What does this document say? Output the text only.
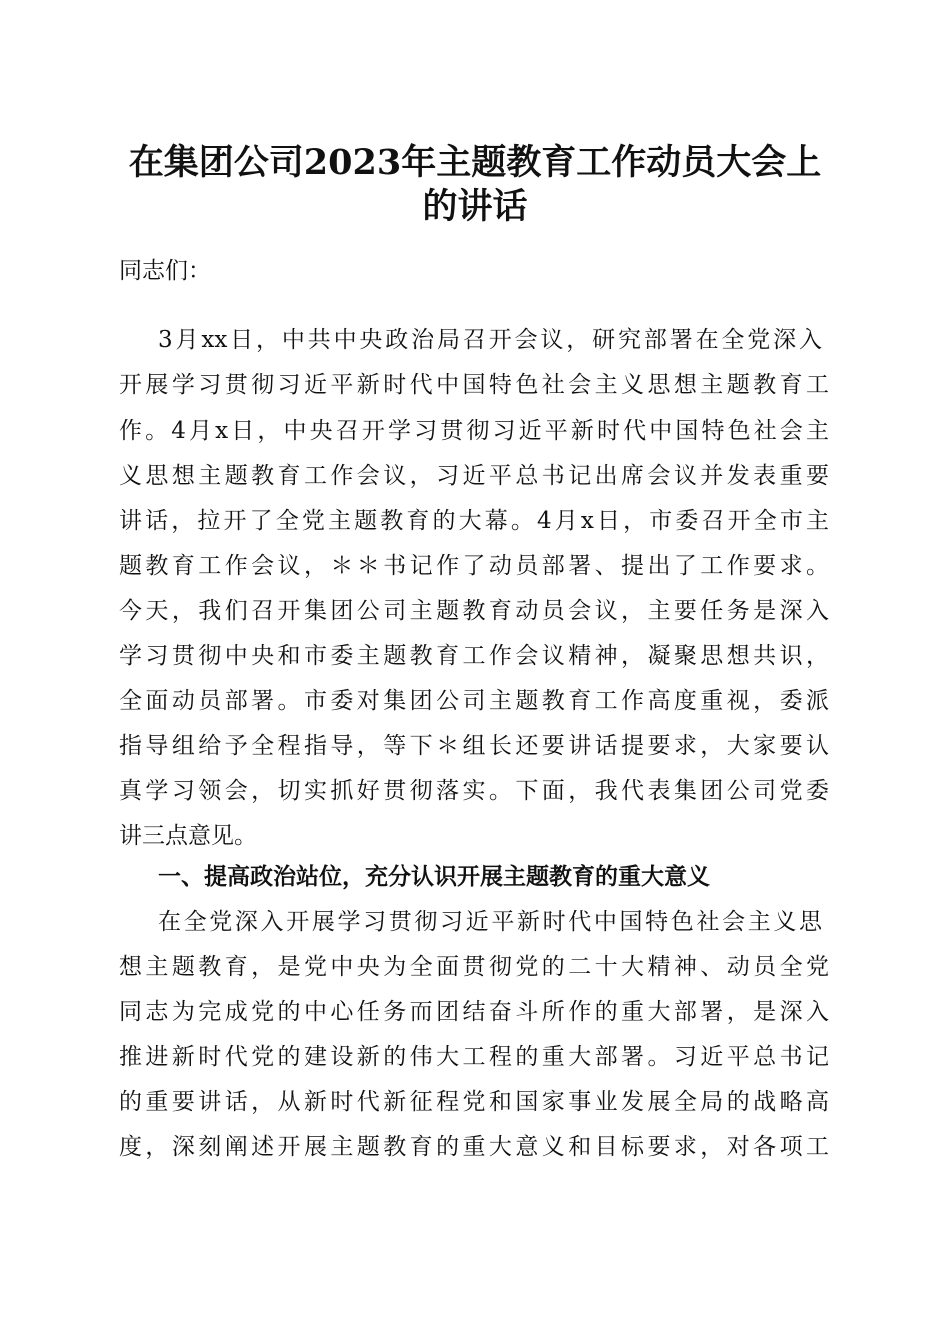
在集团公司2023年主题教育工作动员大会上
的讲话
同志们：
3月xx日，中共中央政治局召开会议，研究部署在全党深入
开展学习贯彻习近平新时代中国特色社会主义思想主题教育工
作。4月x日，中央召开学习贯彻习近平新时代中国特色社会主
义思想主题教育工作会议，习近平总书记出席会议并发表重要
讲话，拉开了全党主题教育的大幕。4月x日，市委召开全市主
题教育工作会议，＊＊书记作了动员部署、提出了工作要求。
今天，我们召开集团公司主题教育动员会议，主要任务是深入
学习贯彻中央和市委主题教育工作会议精神，凝聚思想共识，
全面动员部署。市委对集团公司主题教育工作高度重视，委派
指导组给予全程指导，等下＊组长还要讲话提要求，大家要认
真学习领会，切实抓好贯彻落实。下面，我代表集团公司党委
讲三点意见。
一、提高政治站位，充分认识开展主题教育的重大意义
在全党深入开展学习贯彻习近平新时代中国特色社会主义思
想主题教育，是党中央为全面贯彻党的二十大精神、动员全党
同志为完成党的中心任务而团结奋斗所作的重大部署，是深入
推进新时代党的建设新的伟大工程的重大部署。习近平总书记
的重要讲话，从新时代新征程党和国家事业发展全局的战略高
度，深刻阐述开展主题教育的重大意义和目标要求，对各项工
